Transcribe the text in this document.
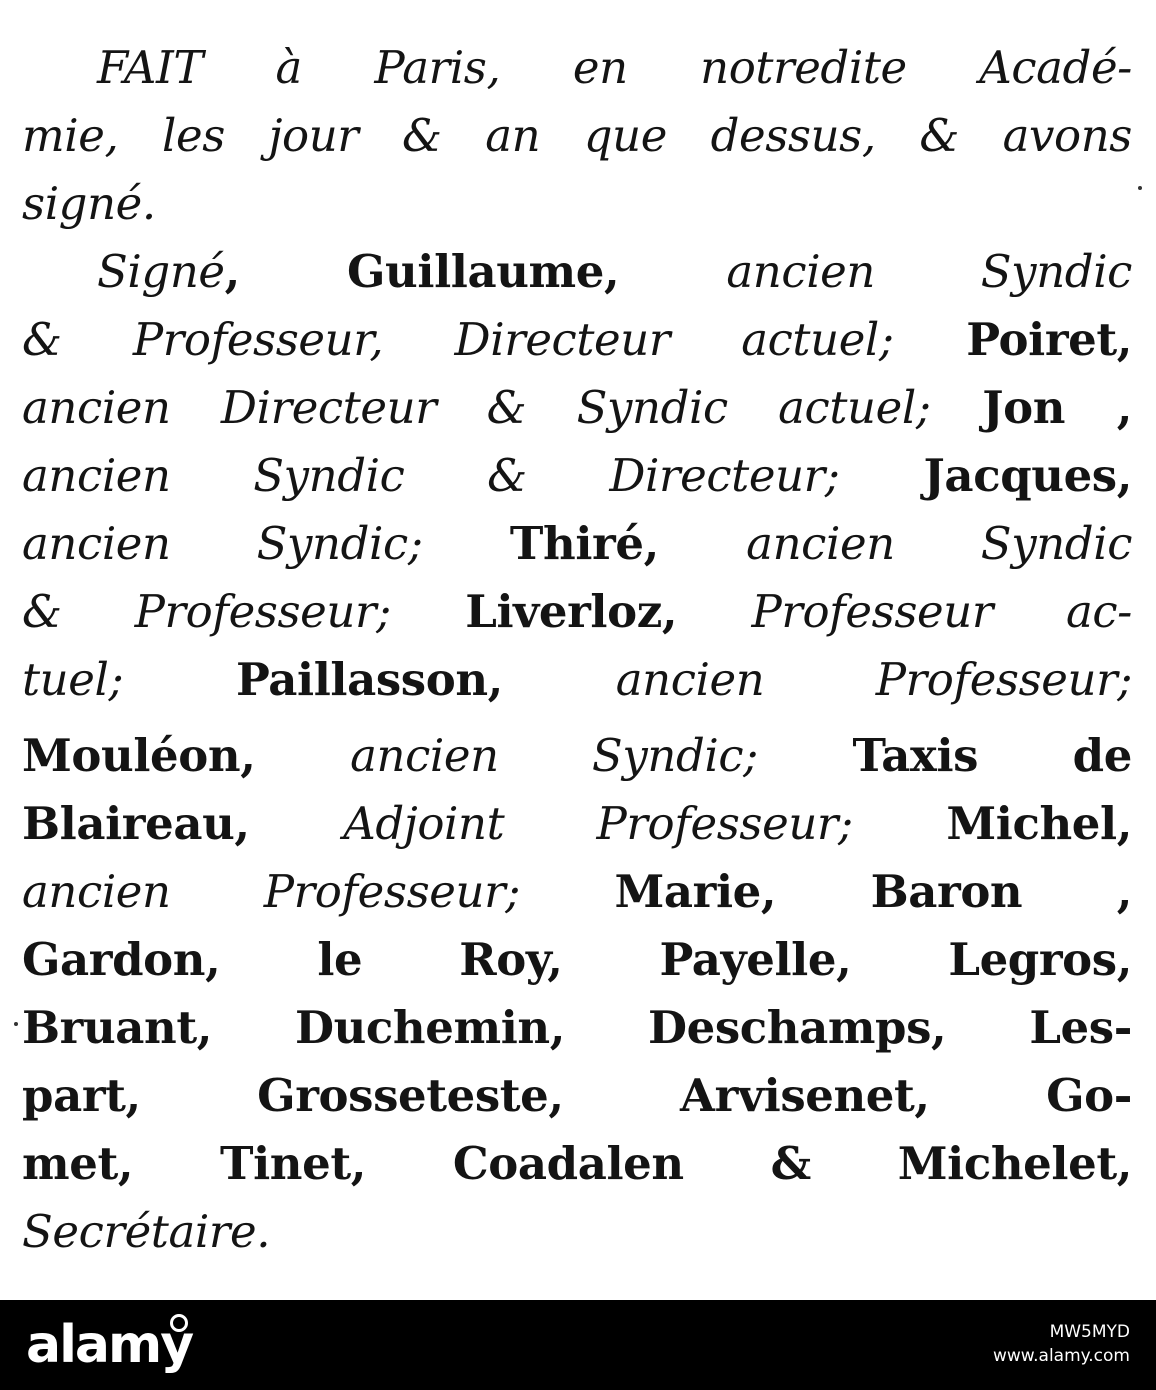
FAIT à Paris, en notredite Acadé-
mie, les jour & an que dessus, & avons
signé.
Signé, Guillaume, ancien Syndic
& Professeur, Directeur actuel; Poiret,
ancien Directeur & Syndic actuel; Jon ,
ancien Syndic & Directeur; Jacques,
ancien Syndic; Thiré, ancien Syndic
& Professeur; Liverloz, Professeur ac-
tuel; Paillasson, ancien Professeur;
Mouléon, ancien Syndic; Taxis de
Blaireau, Adjoint Professeur; Michel,
ancien Professeur; Marie, Baron ,
Gardon, le Roy, Payelle, Legros,
Bruant, Duchemin, Deschamps, Les-
part, Grosseteste, Arvisenet, Go-
met, Tinet, Coadalen & Michelet,
Secrétaire.
alamy	MW5MYD
www.alamy.com
